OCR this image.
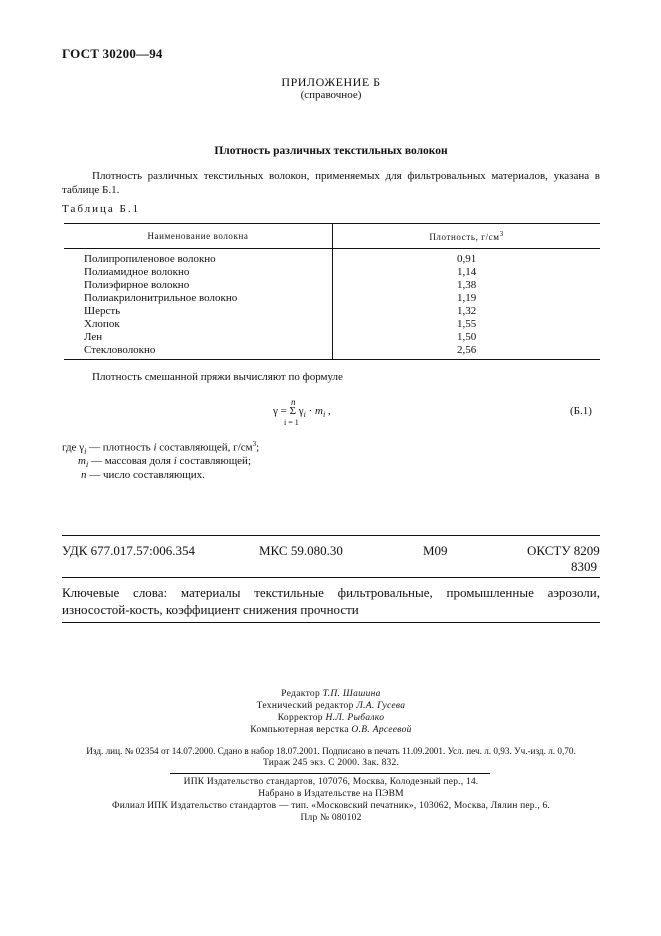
ГОСТ 30200—94
ПРИЛОЖЕНИЕ Б
(справочное)
Плотность различных текстильных волокон
Плотность различных текстильных волокон, применяемых для фильтровальных материалов, указана в таблице Б.1.
Таблица Б.1
Наименование волокна	Плотность, $г/см^3$
Полипропиленовое волокно	0,91
Полиамидное волокно	1,14
Полиэфирное волокно	1,38
Полиакрилонитрильное волокно	1,19
Шерсть	1,32
Хлопок	1,55
Лен	1,50
Стекловолокно	2,56
Плотность смешанной пряжи вычисляют по формуле
n
γ = Σ $\gamma_i \cdot m_i$ ,
i = 1
(Б.1)
где $\gamma_i$ — плотность i составляющей, $г/см^3$;
$m_i$ — массовая доля i составляющей;
n — число составляющих.
УДК 677.017.57:006.354	МКС 59.080.30	М09	ОКСТУ 8209
8309
Ключевые слова: материалы текстильные фильтровальные, промышленные аэрозоли, износостой-кость, коэффициент снижения прочности
Редактор Т.П. Шашина
Технический редактор Л.А. Гусева
Корректор Н.Л. Рыбалко
Компьютерная верстка О.В. Арсеевой
Изд. лиц. № 02354 от 14.07.2000. Сдано в набор 18.07.2001. Подписано в печать 11.09.2001. Усл. печ. л. 0,93. Уч.-изд. л. 0,70.
Тираж 245 экз. С 2000. Зак. 832.
ИПК Издательство стандартов, 107076, Москва, Колодезный пер., 14.
Набрано в Издательстве на ПЭВМ
Филиал ИПК Издательство стандартов — тип. «Московский печатник», 103062, Москва, Лялин пер., 6.
Плр № 080102
